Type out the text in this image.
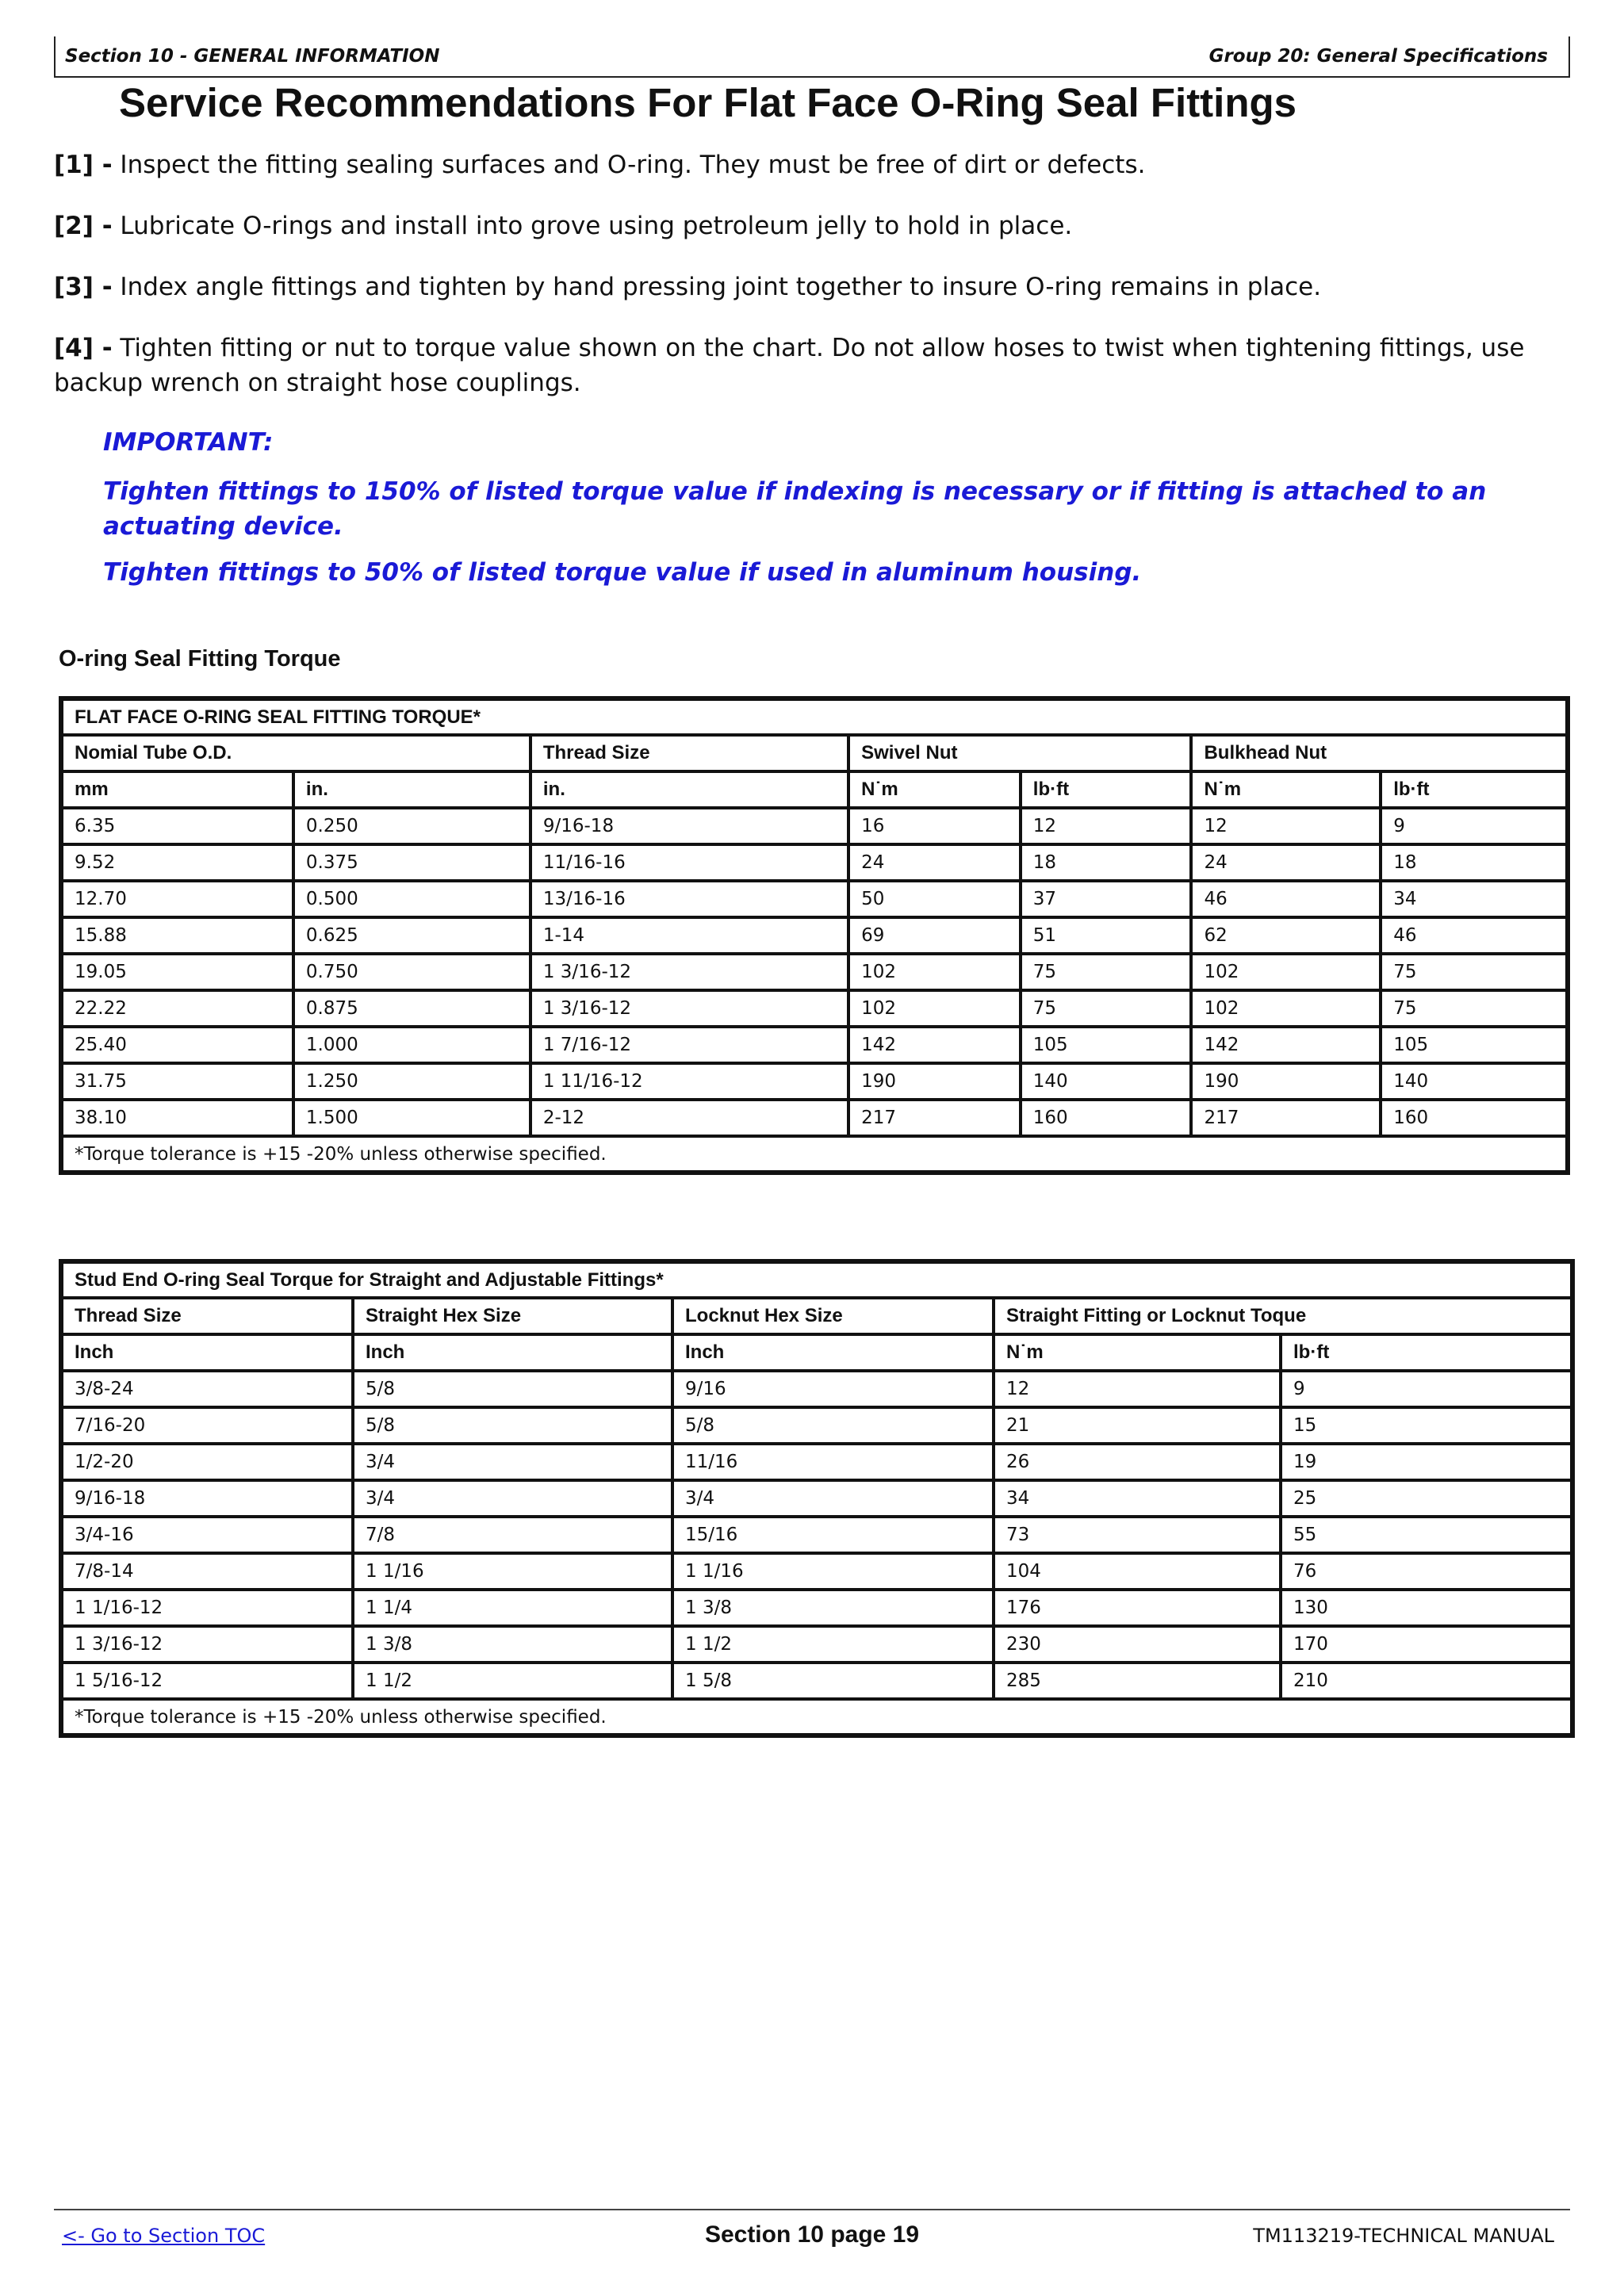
Section 10 - GENERAL INFORMATION	Group 20: General Specifications
Service Recommendations For Flat Face O-Ring Seal Fittings

[1] - Inspect the fitting sealing surfaces and O-ring. They must be free of dirt or defects.

[2] - Lubricate O-rings and install into grove using petroleum jelly to hold in place.

[3] - Index angle fittings and tighten by hand pressing joint together to insure O-ring remains in place.

[4] - Tighten fitting or nut to torque value shown on the chart. Do not allow hoses to twist when tightening fittings, use backup wrench on straight hose couplings.

IMPORTANT:

Tighten fittings to 150% of listed torque value if indexing is necessary or if fitting is attached to an actuating device.

Tighten fittings to 50% of listed torque value if used in aluminum housing.

O-ring Seal Fitting Torque

FLAT FACE O-RING SEAL FITTING TORQUE*						
Nomial Tube O.D.		Thread Size	Swivel Nut		Bulkhead Nut	
mm	in.	in.	N˙m	lb·ft	N˙m	lb·ft
6.35	0.250	9/16-18	16	12	12	9
9.52	0.375	11/16-16	24	18	24	18
12.70	0.500	13/16-16	50	37	46	34
15.88	0.625	1-14	69	51	62	46
19.05	0.750	1 3/16-12	102	75	102	75
22.22	0.875	1 3/16-12	102	75	102	75
25.40	1.000	1 7/16-12	142	105	142	105
31.75	1.250	1 11/16-12	190	140	190	140
38.10	1.500	2-12	217	160	217	160
*Torque tolerance is +15 -20% unless otherwise specified.						
Stud End O-ring Seal Torque for Straight and Adjustable Fittings*				
Thread Size	Straight Hex Size	Locknut Hex Size	Straight Fitting or Locknut Toque	
Inch	Inch	Inch	N˙m	lb·ft
3/8-24	5/8	9/16	12	9
7/16-20	5/8	5/8	21	15
1/2-20	3/4	11/16	26	19
9/16-18	3/4	3/4	34	25
3/4-16	7/8	15/16	73	55
7/8-14	1 1/16	1 1/16	104	76
1 1/16-12	1 1/4	1 3/8	176	130
1 3/16-12	1 3/8	1 1/2	230	170
1 5/16-12	1 1/2	1 5/8	285	210
*Torque tolerance is +15 -20% unless otherwise specified.				
<- Go to Section TOC	Section 10 page 19	TM113219-TECHNICAL MANUAL
